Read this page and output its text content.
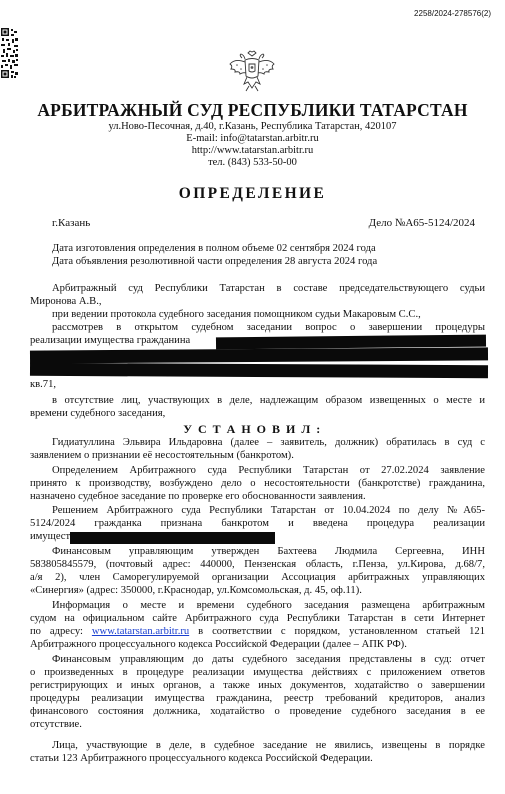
2258/2024-278576(2)
АРБИТРАЖНЫЙ СУД РЕСПУБЛИКИ ТАТАРСТАН
ул.Ново-Песочная, д.40, г.Казань, Республика Татарстан, 420107
E-mail: info@tatarstan.arbitr.ru
http://www.tatarstan.arbitr.ru
тел. (843) 533-50-00
ОПРЕДЕЛЕНИЕ
г.Казань	Дело №А65-5124/2024
Дата изготовления определения в полном объеме 02 сентября 2024 года
Дата объявления резолютивной части определения 28 августа 2024 года
Арбитражный суд Республики Татарстан в составе председательствующего судьи
Миронова А.В.,
при ведении протокола судебного заседания помощником судьи Макаровым С.С.,
рассмотрев в открытом судебном заседании вопрос о завершении процедуры
реализации имущества гражданина
кв.71,
в отсутствие лиц, участвующих в деле, надлежащим образом извещенных о месте и
времени судебного заседания,
У С Т А Н О В И Л :
Гидиатуллина Эльвира Ильдаровна (далее – заявитель, должник) обратилась в суд с
заявлением о признании её несостоятельным (банкротом).
Определением Арбитражного суда Республики Татарстан от 27.02.2024 заявление
принято к производству, возбуждено дело о несостоятельности (банкротстве) гражданина,
назначено судебное заседание по проверке его обоснованности заявления.
Решением Арбитражного суда Республики Татарстан от 10.04.2024 по делу №А65-
5124/2024 гражданка признана банкротом и введена процедура реализации
имущест
Финансовым управляющим утвержден Бахтеева Людмила Сергеевна, ИНН
583805845579, (почтовый адрес: 440000, Пензенская область, г.Пенза, ул.Кирова, д.68/7,
а/я 2), член Саморегулируемой организации Ассоциация арбитражных управляющих
«Синергия» (адрес: 350000, г.Краснодар, ул.Комсомольская, д. 45, оф.11).
Информация о месте и времени судебного заседания размещена арбитражным
судом на официальном сайте Арбитражного суда Республики Татарстан в сети Интернет
по адресу: www.tatarstan.arbitr.ru в соответствии с порядком, установленном статьей 121
Арбитражного процессуального кодекса Российской Федерации (далее – АПК РФ).
Финансовым управляющим до даты судебного заседания представлены в суд: отчет
о произведенных в процедуре реализации имущества действиях с приложением ответов
регистрирующих и иных органов, а также иных документов, ходатайство о завершении
процедуры реализации имущества гражданина, реестр требований кредиторов, анализ
финансового состояния должника, ходатайство о проведение судебного заседания в ее
отсутствие.
Лица, участвующие в деле, в судебное заседание не явились, извещены в порядке
статьи 123 Арбитражного процессуального кодекса Российской Федерации.
